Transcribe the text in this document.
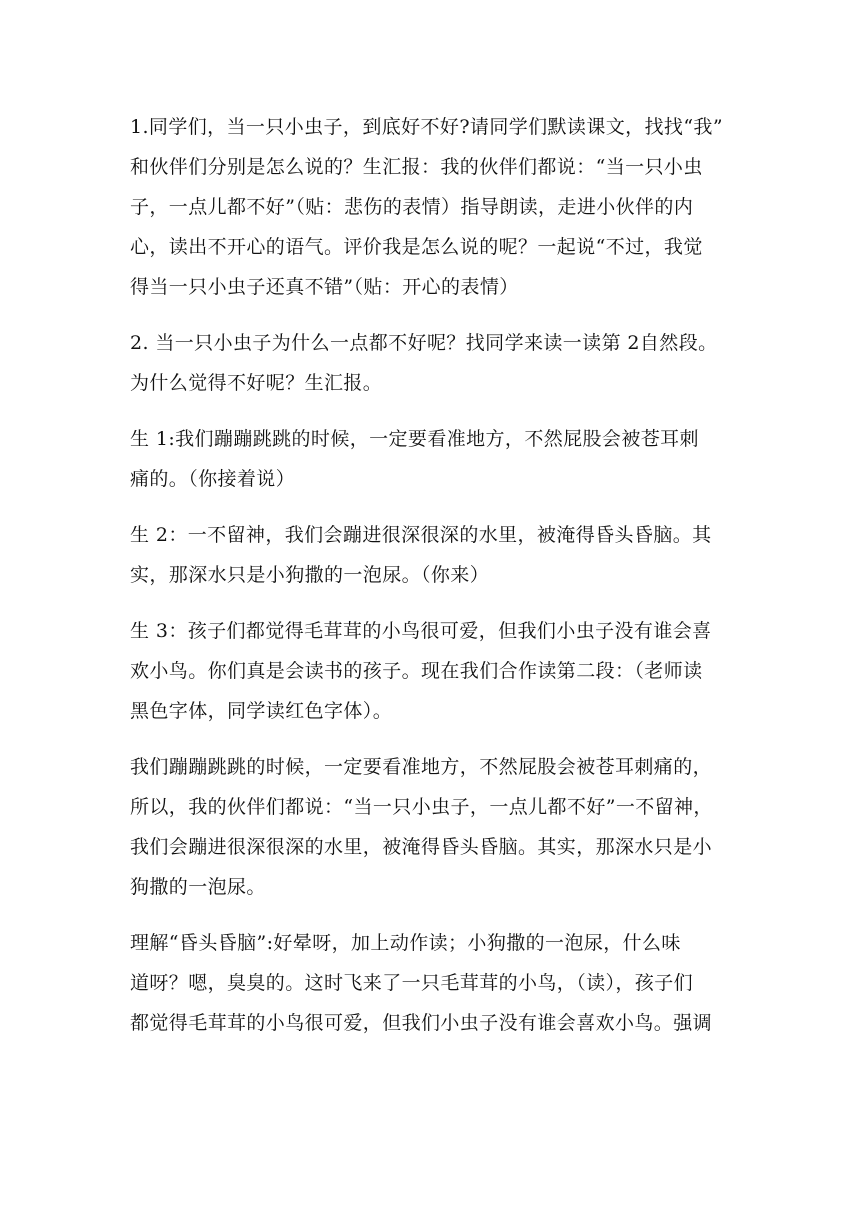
1.同学们，当一只小虫子，到底好不好?请同学们默读课文，找找“我”
和伙伴们分别是怎么说的？生汇报：我的伙伴们都说：“当一只小虫
子，一点儿都不好”（贴：悲伤的表情）指导朗读，走进小伙伴的内
心，读出不开心的语气。评价我是怎么说的呢？一起说“不过，我觉
得当一只小虫子还真不错”（贴：开心的表情）

2. 当一只小虫子为什么一点都不好呢？找同学来读一读第 2自然段。
为什么觉得不好呢？生汇报。

生 1:我们蹦蹦跳跳的时候，一定要看准地方，不然屁股会被苍耳刺
痛的。（你接着说）

生 2：一不留神，我们会蹦进很深很深的水里，被淹得昏头昏脑。其
实，那深水只是小狗撒的一泡尿。（你来）

生 3：孩子们都觉得毛茸茸的小鸟很可爱，但我们小虫子没有谁会喜
欢小鸟。你们真是会读书的孩子。现在我们合作读第二段：（老师读
黑色字体，同学读红色字体）。

我们蹦蹦跳跳的时候，一定要看准地方，不然屁股会被苍耳刺痛的，
所以，我的伙伴们都说：“当一只小虫子，一点儿都不好”一不留神，
我们会蹦进很深很深的水里，被淹得昏头昏脑。其实，那深水只是小
狗撒的一泡尿。

理解“昏头昏脑”:好晕呀，加上动作读；小狗撒的一泡尿，什么味
道呀？嗯，臭臭的。这时飞来了一只毛茸茸的小鸟，（读），孩子们
都觉得毛茸茸的小鸟很可爱，但我们小虫子没有谁会喜欢小鸟。强调
